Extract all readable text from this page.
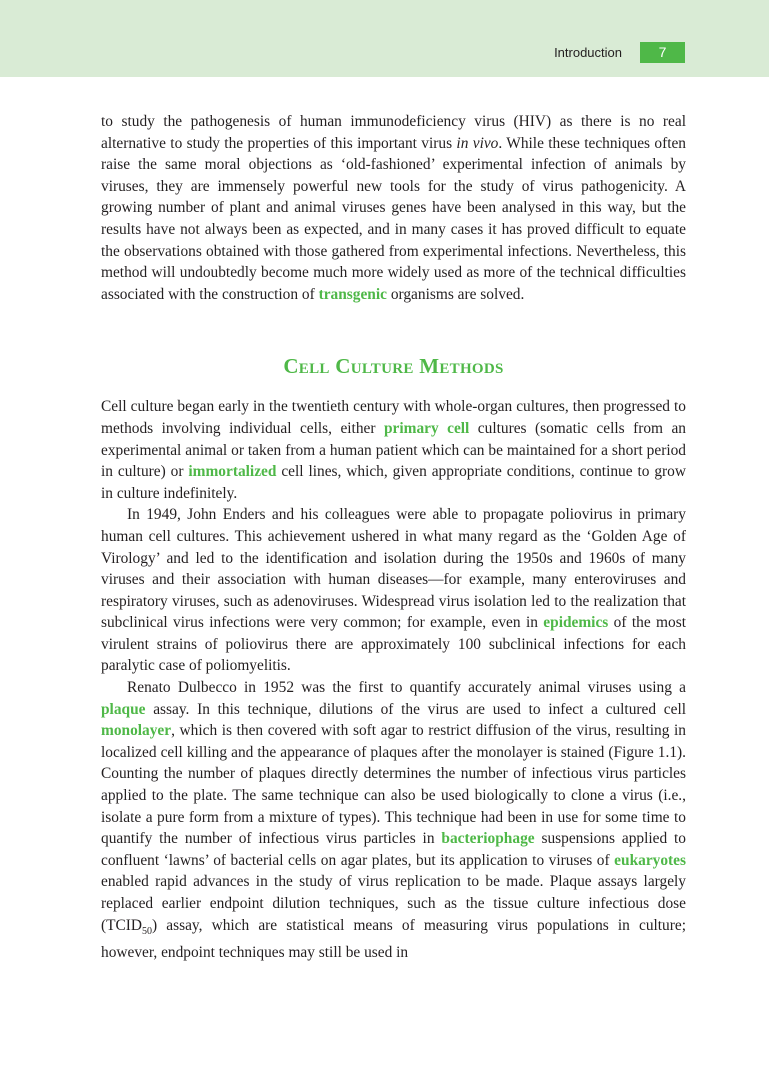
Introduction	7

to study the pathogenesis of human immunodeficiency virus (HIV) as there is no real alternative to study the properties of this important virus in vivo. While these techniques often raise the same moral objections as ‘old-fashioned’ experimental infection of animals by viruses, they are immensely powerful new tools for the study of virus pathogenicity. A growing number of plant and animal viruses genes have been analysed in this way, but the results have not always been as expected, and in many cases it has proved difficult to equate the observations obtained with those gathered from experimental infections. Nevertheless, this method will undoubtedly become much more widely used as more of the technical difficulties associated with the construction of transgenic organisms are solved.

Cell Culture Methods

Cell culture began early in the twentieth century with whole-organ cultures, then progressed to methods involving individual cells, either primary cell cultures (somatic cells from an experimental animal or taken from a human patient which can be maintained for a short period in culture) or immortalized cell lines, which, given appropriate conditions, continue to grow in culture indefinitely.

In 1949, John Enders and his colleagues were able to propagate poliovirus in primary human cell cultures. This achievement ushered in what many regard as the ‘Golden Age of Virology’ and led to the identification and isolation during the 1950s and 1960s of many viruses and their association with human diseases—for example, many enteroviruses and respiratory viruses, such as adenoviruses. Widespread virus isolation led to the realization that subclinical virus infections were very common; for example, even in epidemics of the most virulent strains of poliovirus there are approximately 100 subclinical infections for each paralytic case of poliomyelitis.

Renato Dulbecco in 1952 was the first to quantify accurately animal viruses using a plaque assay. In this technique, dilutions of the virus are used to infect a cultured cell monolayer, which is then covered with soft agar to restrict diffusion of the virus, resulting in localized cell killing and the appearance of plaques after the monolayer is stained (Figure 1.1). Counting the number of plaques directly determines the number of infectious virus particles applied to the plate. The same technique can also be used biologically to clone a virus (i.e., isolate a pure form from a mixture of types). This technique had been in use for some time to quantify the number of infectious virus particles in bacteriophage suspensions applied to confluent ‘lawns’ of bacterial cells on agar plates, but its application to viruses of eukaryotes enabled rapid advances in the study of virus replication to be made. Plaque assays largely replaced earlier endpoint dilution techniques, such as the tissue culture infectious dose $(TCID_{50})$ assay, which are statistical means of measuring virus populations in culture; however, endpoint techniques may still be used in
